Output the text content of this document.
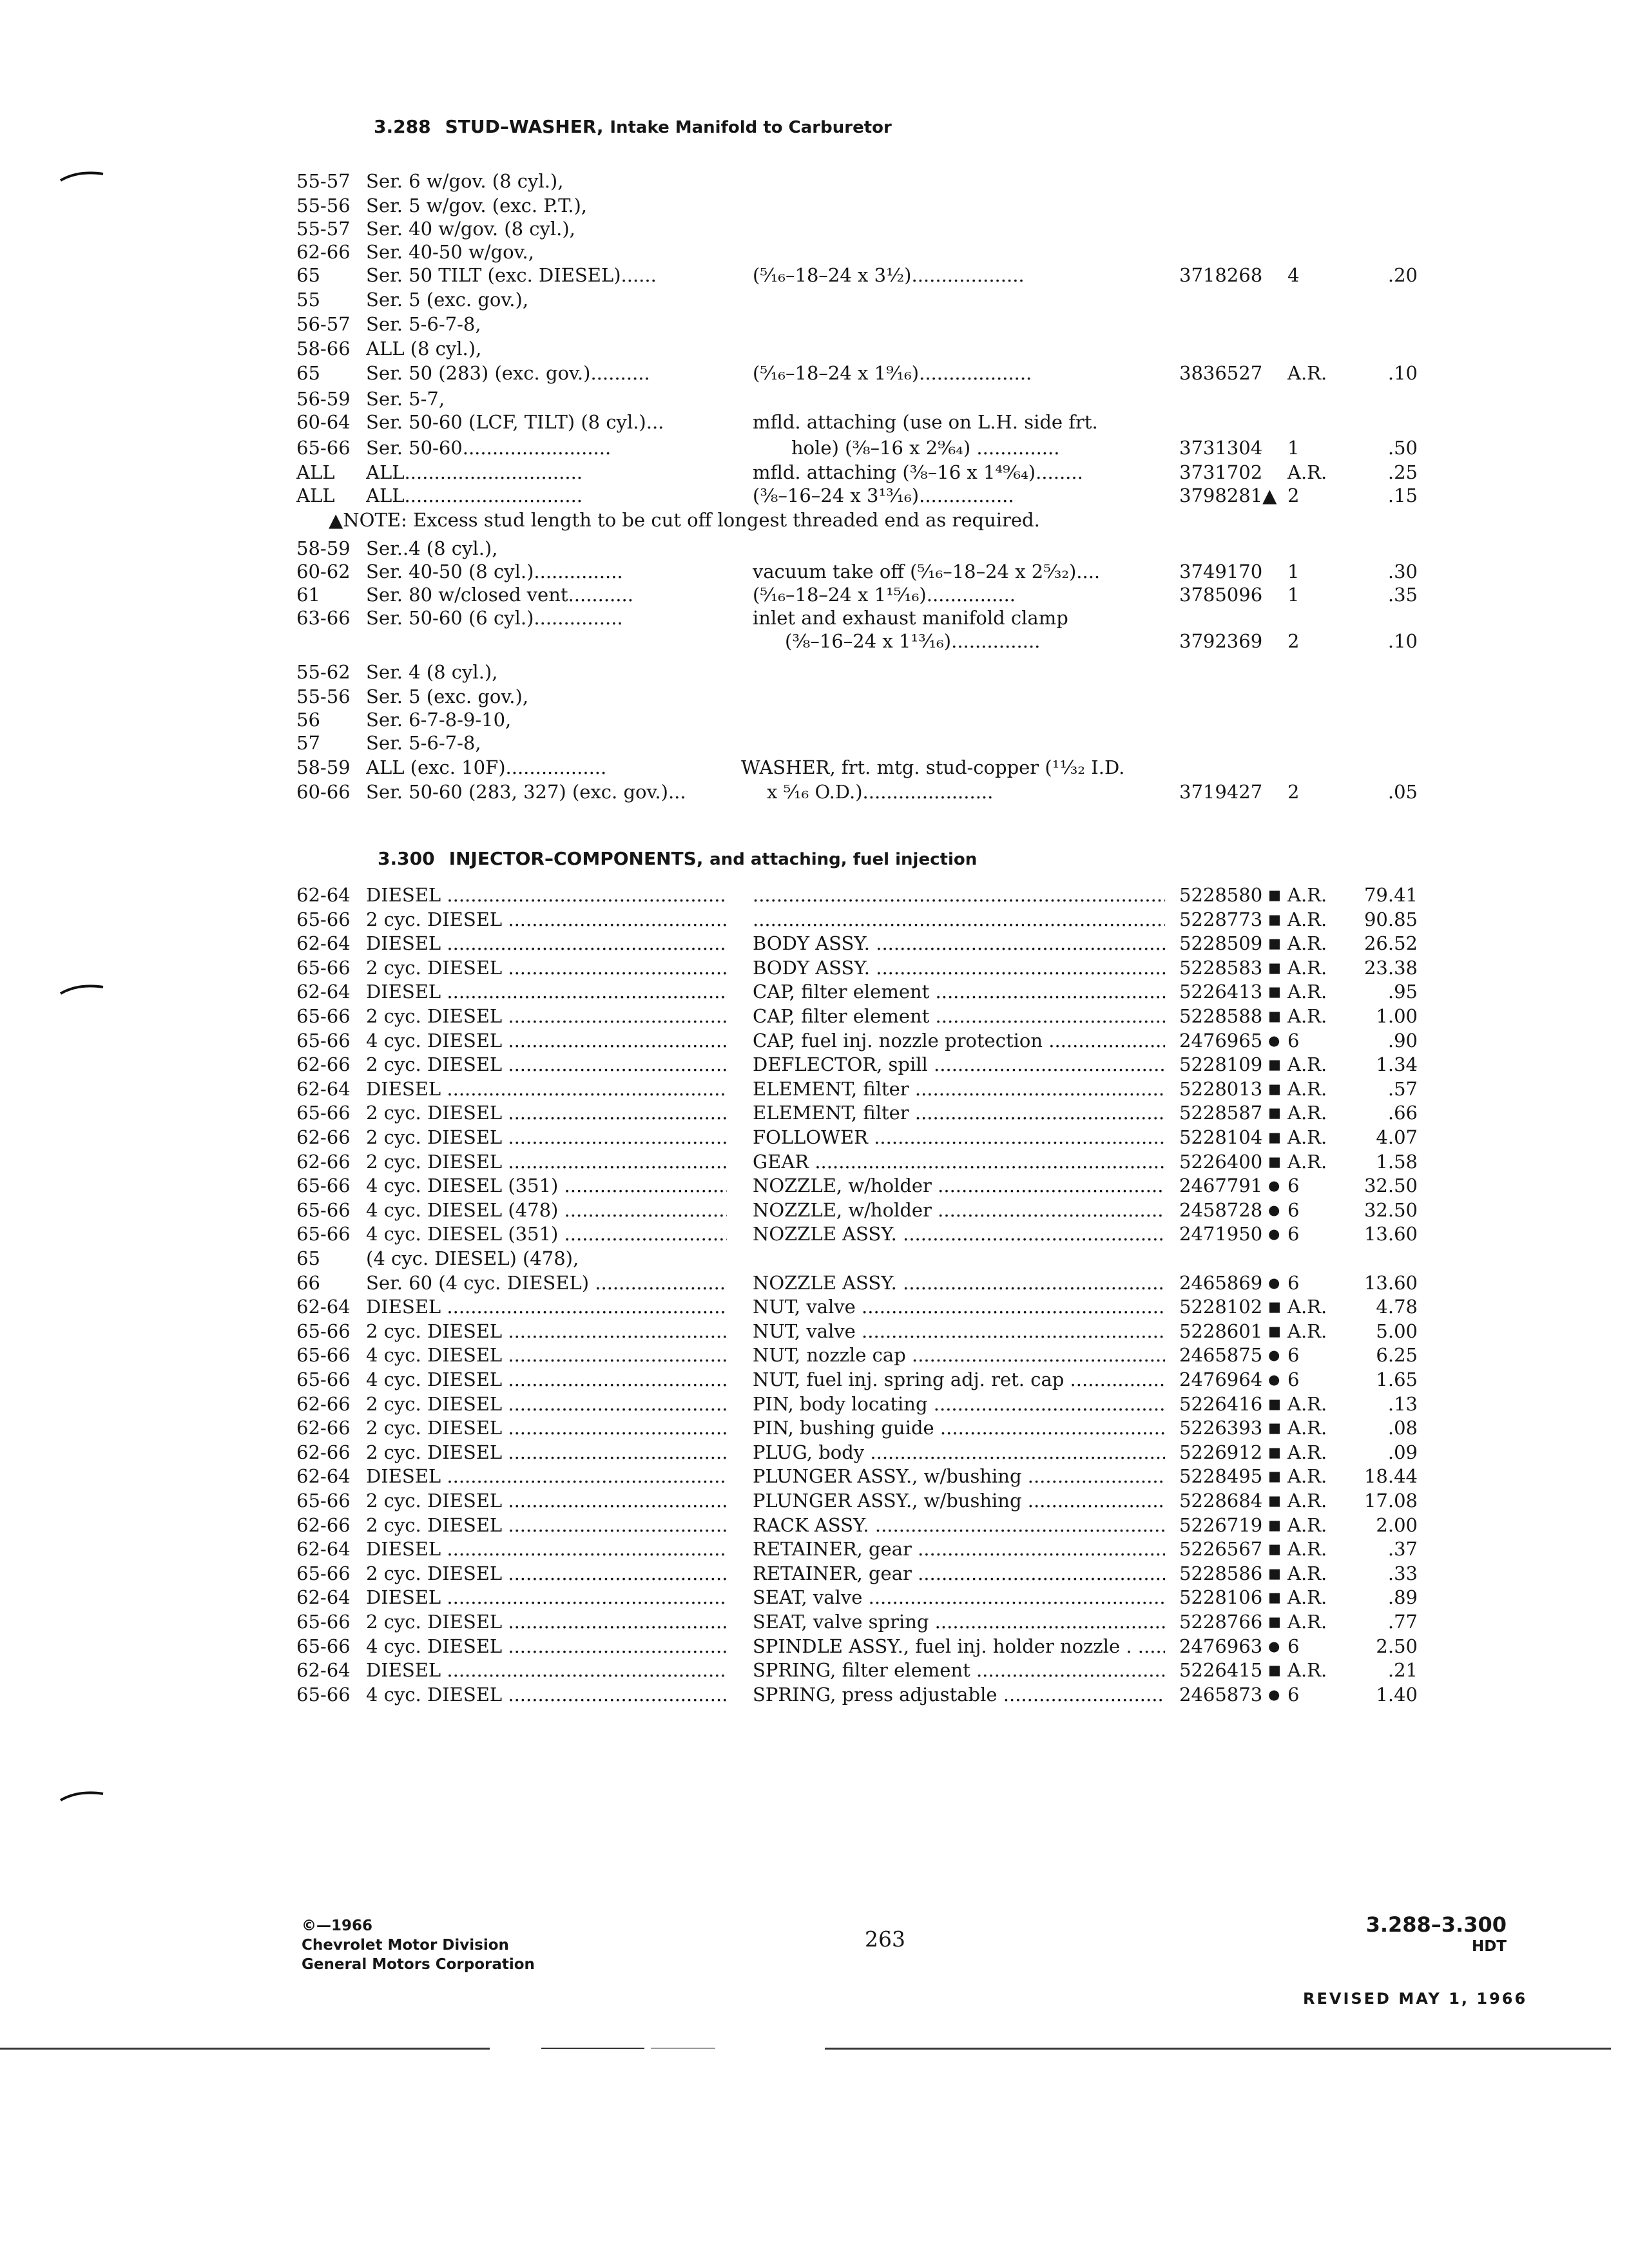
3.288 STUD–WASHER, Intake Manifold to Carburetor
55-57 Ser. 6 w/gov. (8 cyl.),
55-56 Ser. 5 w/gov. (exc. P.T.),
55-57 Ser. 40 w/gov. (8 cyl.),
62-66 Ser. 40-50 w/gov.,
65	Ser. 50 TILT (exc. DIESEL)......	(⁵⁄₁₆–18–24 x 3½)...................	3718268	4	.20
55	Ser. 5 (exc. gov.),
56-57 Ser. 5-6-7-8,
58-66 ALL (8 cyl.),
65	Ser. 50 (283) (exc. gov.)..........	(⁵⁄₁₆–18–24 x 1⁹⁄₁₆)...................	3836527	A.R.	.10
56-59 Ser. 5-7,
60-64 Ser. 50-60 (LCF, TILT) (8 cyl.)...	mfld. attaching (use on L.H. side frt.
65-66 Ser. 50-60.........................	hole) (³⁄₈–16 x 2⁹⁄₆₄) ..............	3731304	1	.50
ALL	ALL..............................	mfld. attaching (³⁄₈–16 x 1⁴⁹⁄₆₄)........	3731702	A.R.	.25
ALL	ALL..............................	(³⁄₈–16–24 x 3¹³⁄₁₆)................	3798281▲ 2	.15
▲NOTE: Excess stud length to be cut off longest threaded end as required.
58-59 Ser..4 (8 cyl.),
60-62 Ser. 40-50 (8 cyl.)...............	vacuum take off (⁵⁄₁₆–18–24 x 2⁵⁄₃₂)....	3749170	1	.30
61	Ser. 80 w/closed vent...........	(⁵⁄₁₆–18–24 x 1¹⁵⁄₁₆)...............	3785096	1	.35
63-66 Ser. 50-60 (6 cyl.)...............	inlet and exhaust manifold clamp
(³⁄₈–16–24 x 1¹³⁄₁₆)...............	3792369	2	.10
55-62 Ser. 4 (8 cyl.),
55-56 Ser. 5 (exc. gov.),
56	Ser. 6-7-8-9-10,
57	Ser. 5-6-7-8,
58-59 ALL (exc. 10F).................	WASHER, frt. mtg. stud-copper (¹¹⁄₃₂ I.D.
60-66 Ser. 50-60 (283, 327) (exc. gov.)...	x ⁵⁄₁₆ O.D.)......................	3719427	2	.05
3.300 INJECTOR–COMPONENTS, and attaching, fuel injection
62-64 DIESEL ..... .....	5228580 ■ A.R.	79.41
65-66 2 cyc. DIESEL ..... .....	5228773 ■ A.R.	90.85
62-64 DIESEL .....	BODY ASSY. .....	5228509 ■ A.R.	26.52
65-66 2 cyc. DIESEL .....	BODY ASSY. .....	5228583 ■ A.R.	23.38
62-64 DIESEL .....	CAP, filter element .....	5226413 ■ A.R.	.95
65-66 2 cyc. DIESEL .....	CAP, filter element .....	5228588 ■ A.R.	1.00
65-66 4 cyc. DIESEL .....	CAP, fuel inj. nozzle protection .....	2476965 ● 6	.90
62-66 2 cyc. DIESEL .....	DEFLECTOR, spill .....	5228109 ■ A.R.	1.34
62-64 DIESEL .....	ELEMENT, filter .....	5228013 ■ A.R.	.57
65-66 2 cyc. DIESEL .....	ELEMENT, filter .....	5228587 ■ A.R.	.66
62-66 2 cyc. DIESEL .....	FOLLOWER .....	5228104 ■ A.R.	4.07
62-66 2 cyc. DIESEL .....	GEAR .....	5226400 ■ A.R.	1.58
65-66 4 cyc. DIESEL (351) .....	NOZZLE, w/holder .....	2467791 ● 6	32.50
65-66 4 cyc. DIESEL (478) .....	NOZZLE, w/holder .....	2458728 ● 6	32.50
65-66 4 cyc. DIESEL (351) .....	NOZZLE ASSY. .....	2471950 ● 6	13.60
65	(4 cyc. DIESEL) (478),
66	Ser. 60 (4 cyc. DIESEL) .....	NOZZLE ASSY. .....	2465869 ● 6	13.60
62-64 DIESEL .....	NUT, valve .....	5228102 ■ A.R.	4.78
65-66 2 cyc. DIESEL .....	NUT, valve .....	5228601 ■ A.R.	5.00
65-66 4 cyc. DIESEL .....	NUT, nozzle cap .....	2465875 ● 6	6.25
65-66 4 cyc. DIESEL .....	NUT, fuel inj. spring adj. ret. cap .....	2476964 ● 6	1.65
62-66 2 cyc. DIESEL .....	PIN, body locating .....	5226416 ■ A.R.	.13
62-66 2 cyc. DIESEL .....	PIN, bushing guide .....	5226393 ■ A.R.	.08
62-66 2 cyc. DIESEL .....	PLUG, body .....	5226912 ■ A.R.	.09
62-64 DIESEL .....	PLUNGER ASSY., w/bushing .....	5228495 ■ A.R.	18.44
65-66 2 cyc. DIESEL .....	PLUNGER ASSY., w/bushing .....	5228684 ■ A.R.	17.08
62-66 2 cyc. DIESEL .....	RACK ASSY. .....	5226719 ■ A.R.	2.00
62-64 DIESEL .....	RETAINER, gear .....	5226567 ■ A.R.	.37
65-66 2 cyc. DIESEL .....	RETAINER, gear .....	5228586 ■ A.R.	.33
62-64 DIESEL .....	SEAT, valve .....	5228106 ■ A.R.	.89
65-66 2 cyc. DIESEL .....	SEAT, valve spring .....	5228766 ■ A.R.	.77
65-66 4 cyc. DIESEL .....	SPINDLE ASSY., fuel inj. holder nozzle . .....	2476963 ● 6	2.50
62-64 DIESEL .....	SPRING, filter element .....	5226415 ■ A.R.	.21
65-66 4 cyc. DIESEL .....	SPRING, press adjustable .....	2465873 ● 6	1.40
©—1966
Chevrolet Motor Division
General Motors Corporation
263
3.288–3.300
HDT
REVISED MAY 1, 1966
